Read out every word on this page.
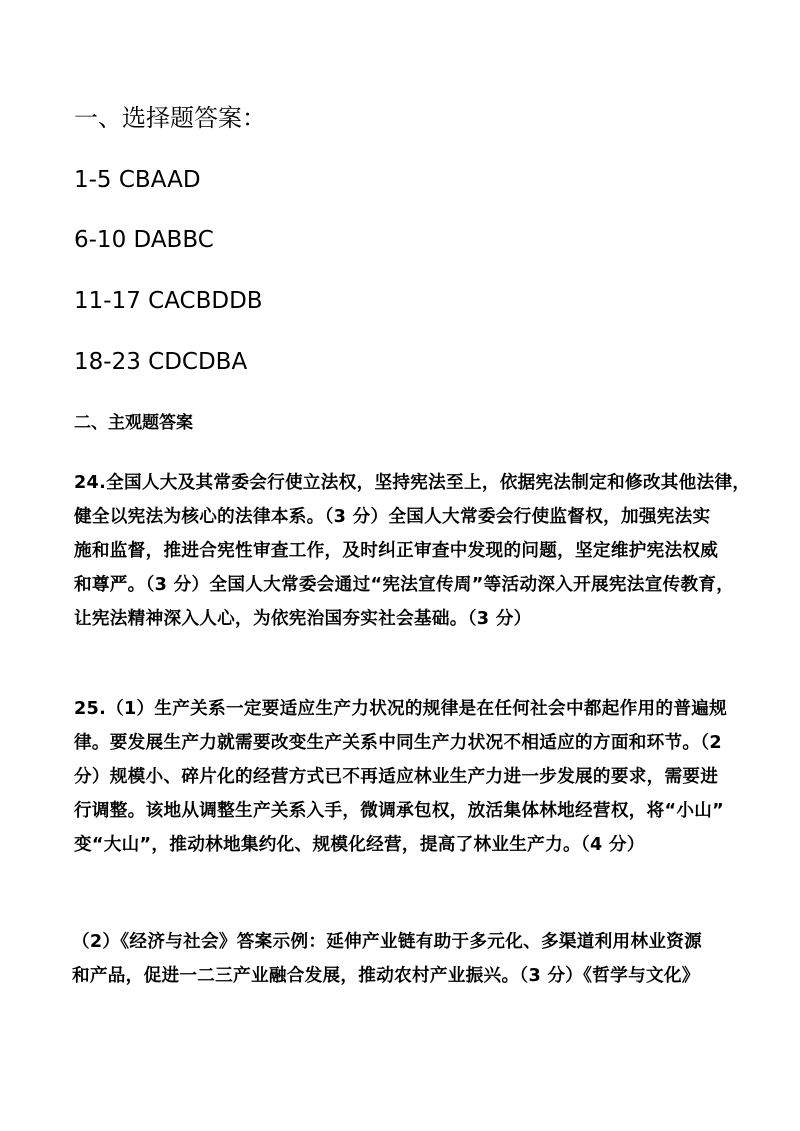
一、选择题答案：
1-5 CBAAD
6-10 DABBC
11-17 CACBDDB
18-23 CDCDBA
二、主观题答案
24.全国人大及其常委会行使立法权，坚持宪法至上，依据宪法制定和修改其他法律，
健全以宪法为核心的法律本系。（3 分）全国人大常委会行使监督权，加强宪法实
施和监督，推进合宪性审查工作，及时纠正审查中发现的问题，坚定维护宪法权威
和尊严。（3 分）全国人大常委会通过“宪法宣传周”等活动深入开展宪法宣传教育，
让宪法精神深入人心，为依宪治国夯实社会基础。（3 分）
25.（1）生产关系一定要适应生产力状况的规律是在任何社会中都起作用的普遍规
律。要发展生产力就需要改变生产关系中同生产力状况不相适应的方面和环节。（2
分）规模小、碎片化的经营方式已不再适应林业生产力进一步发展的要求，需要进
行调整。该地从调整生产关系入手，微调承包权，放活集体林地经营权，将“小山”
变“大山”，推动林地集约化、规模化经营，提高了林业生产力。（4 分）
（2）《经济与社会》答案示例：延伸产业链有助于多元化、多渠道利用林业资源
和产品，促进一二三产业融合发展，推动农村产业振兴。（3 分）《哲学与文化》
